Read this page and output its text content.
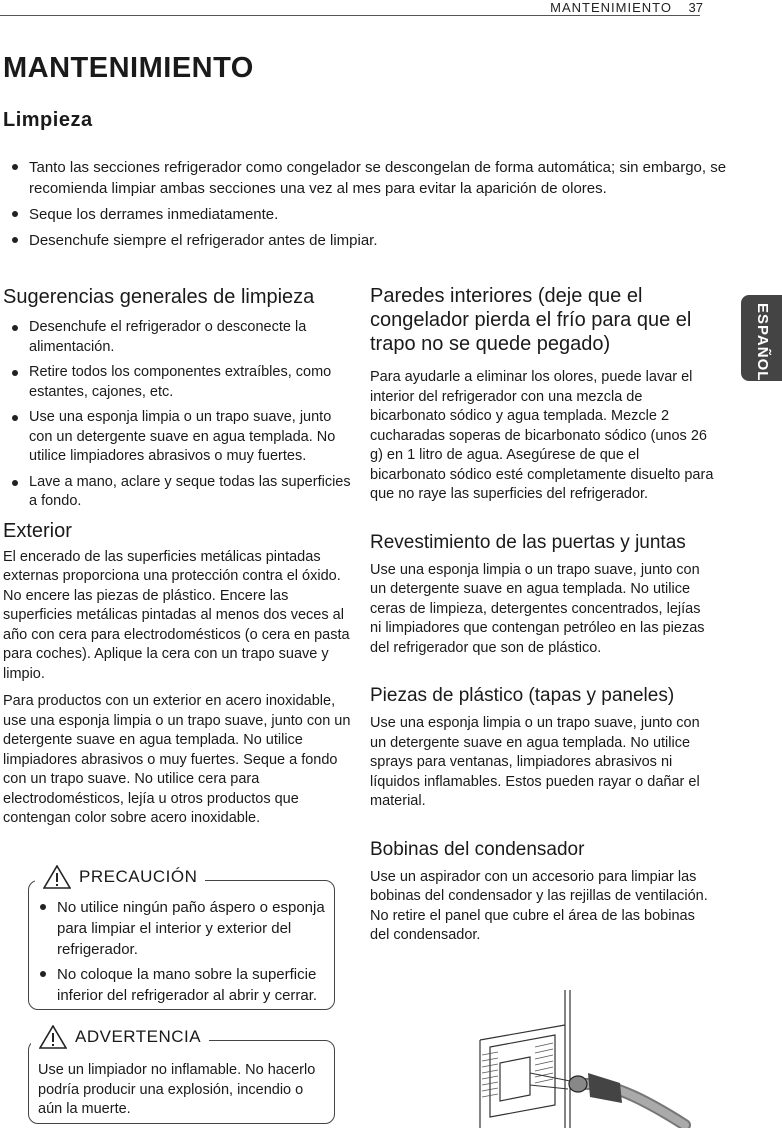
MANTENIMIENTO 37
ESPAÑOL
MANTENIMIENTO
Limpieza
Tanto las secciones refrigerador como congelador se descongelan de forma automática; sin embargo, se recomienda limpiar ambas secciones una vez al mes para evitar la aparición de olores.
Seque los derrames inmediatamente.
Desenchufe siempre el refrigerador antes de limpiar.
Sugerencias generales de limpieza
Desenchufe el refrigerador o desconecte la alimentación.
Retire todos los componentes extraíbles, como estantes, cajones, etc.
Use una esponja limpia o un trapo suave, junto con un detergente suave en agua templada. No utilice limpiadores abrasivos o muy fuertes.
Lave a mano, aclare y seque todas las superficies a fondo.
Exterior

El encerado de las superficies metálicas pintadas externas proporciona una protección contra el óxido. No encere las piezas de plástico. Encere las superficies metálicas pintadas al menos dos veces al año con cera para electrodomésticos (o cera en pasta para coches). Aplique la cera con un trapo suave y limpio.

Para productos con un exterior en acero inoxidable, use una esponja limpia o un trapo suave, junto con un detergente suave en agua templada. No utilice limpiadores abrasivos o muy fuertes. Seque a fondo con un trapo suave. No utilice cera para electrodomésticos, lejía u otros productos que contengan color sobre acero inoxidable.

PRECAUCIÓN
No utilice ningún paño áspero o esponja para limpiar el interior y exterior del refrigerador.
No coloque la mano sobre la superficie inferior del refrigerador al abrir y cerrar.
ADVERTENCIA

Use un limpiador no inflamable. No hacerlo podría producir una explosión, incendio o aún la muerte.

Paredes interiores (deje que el congelador pierda el frío para que el trapo no se quede pegado)

Para ayudarle a eliminar los olores, puede lavar el interior del refrigerador con una mezcla de bicarbonato sódico y agua templada. Mezcle 2 cucharadas soperas de bicarbonato sódico (unos 26 g) en 1 litro de agua. Asegúrese de que el bicarbonato sódico esté completamente disuelto para que no raye las superficies del refrigerador.

Revestimiento de las puertas y juntas

Use una esponja limpia o un trapo suave, junto con un detergente suave en agua templada. No utilice ceras de limpieza, detergentes concentrados, lejías ni limpiadores que contengan petróleo en las piezas del refrigerador que son de plástico.

Piezas de plástico (tapas y paneles)

Use una esponja limpia o un trapo suave, junto con un detergente suave en agua templada. No utilice sprays para ventanas, limpiadores abrasivos ni líquidos inflamables. Estos pueden rayar o dañar el material.

Bobinas del condensador

Use un aspirador con un accesorio para limpiar las bobinas del condensador y las rejillas de ventilación. No retire el panel que cubre el área de las bobinas del condensador.
